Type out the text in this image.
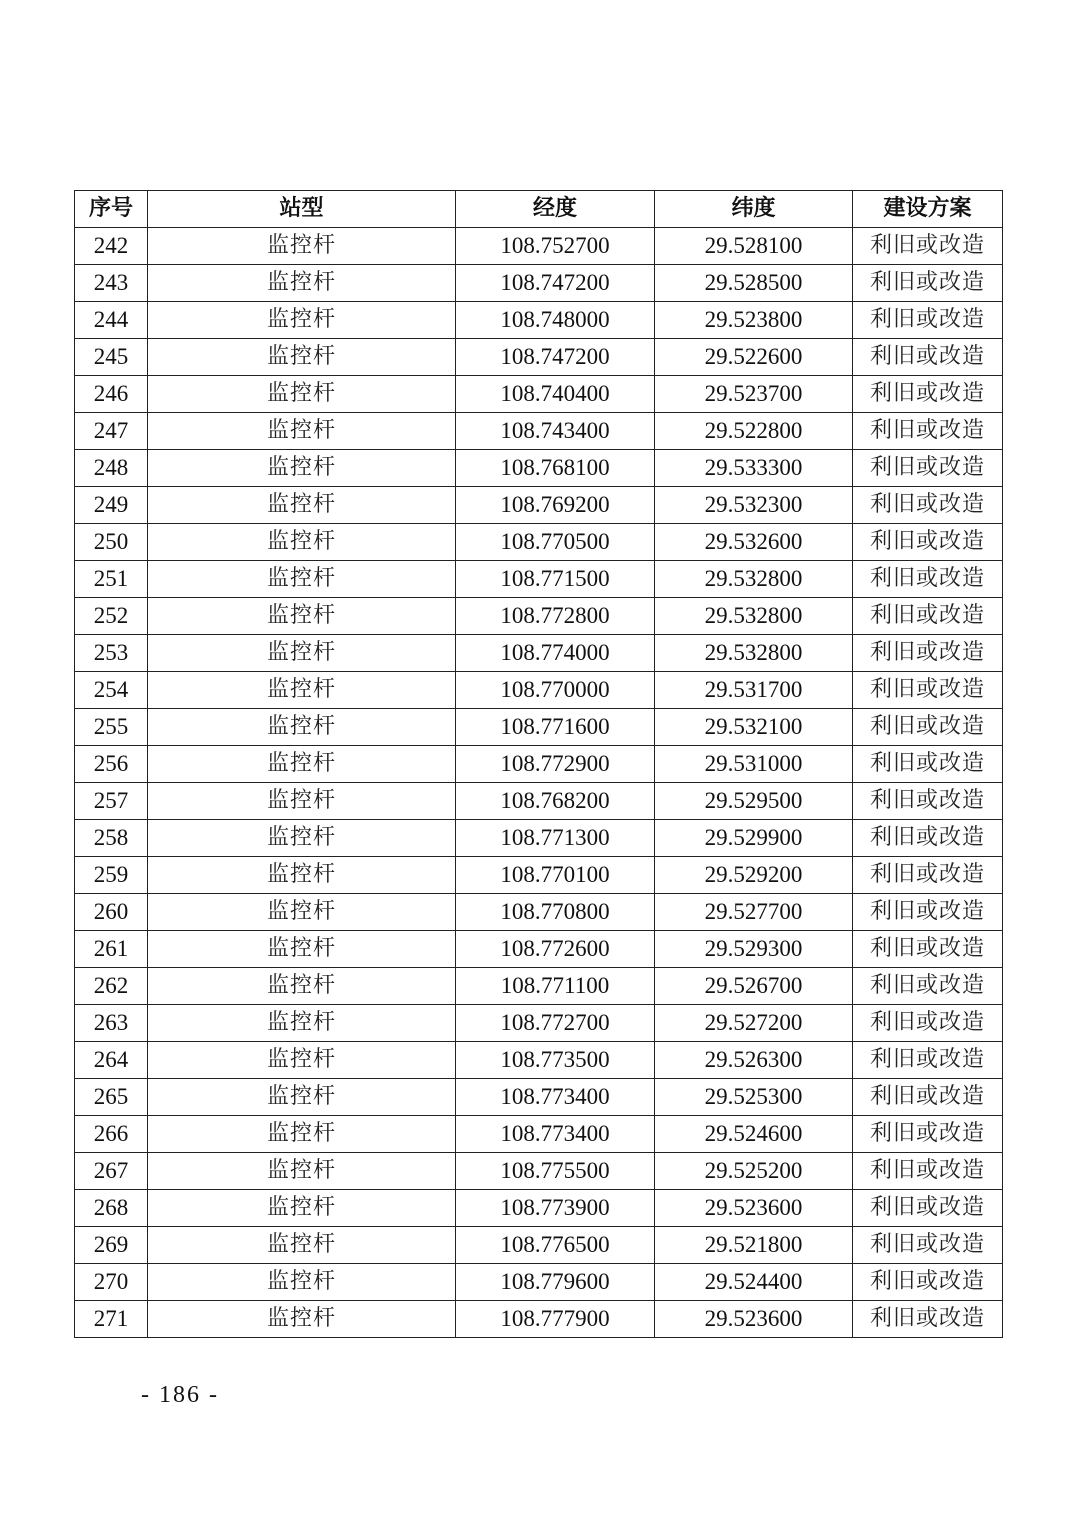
序号	站型	经度	纬度	建设方案
242	监控杆	108.752700	29.528100	利旧或改造
243	监控杆	108.747200	29.528500	利旧或改造
244	监控杆	108.748000	29.523800	利旧或改造
245	监控杆	108.747200	29.522600	利旧或改造
246	监控杆	108.740400	29.523700	利旧或改造
247	监控杆	108.743400	29.522800	利旧或改造
248	监控杆	108.768100	29.533300	利旧或改造
249	监控杆	108.769200	29.532300	利旧或改造
250	监控杆	108.770500	29.532600	利旧或改造
251	监控杆	108.771500	29.532800	利旧或改造
252	监控杆	108.772800	29.532800	利旧或改造
253	监控杆	108.774000	29.532800	利旧或改造
254	监控杆	108.770000	29.531700	利旧或改造
255	监控杆	108.771600	29.532100	利旧或改造
256	监控杆	108.772900	29.531000	利旧或改造
257	监控杆	108.768200	29.529500	利旧或改造
258	监控杆	108.771300	29.529900	利旧或改造
259	监控杆	108.770100	29.529200	利旧或改造
260	监控杆	108.770800	29.527700	利旧或改造
261	监控杆	108.772600	29.529300	利旧或改造
262	监控杆	108.771100	29.526700	利旧或改造
263	监控杆	108.772700	29.527200	利旧或改造
264	监控杆	108.773500	29.526300	利旧或改造
265	监控杆	108.773400	29.525300	利旧或改造
266	监控杆	108.773400	29.524600	利旧或改造
267	监控杆	108.775500	29.525200	利旧或改造
268	监控杆	108.773900	29.523600	利旧或改造
269	监控杆	108.776500	29.521800	利旧或改造
270	监控杆	108.779600	29.524400	利旧或改造
271	监控杆	108.777900	29.523600	利旧或改造
- 186 -
